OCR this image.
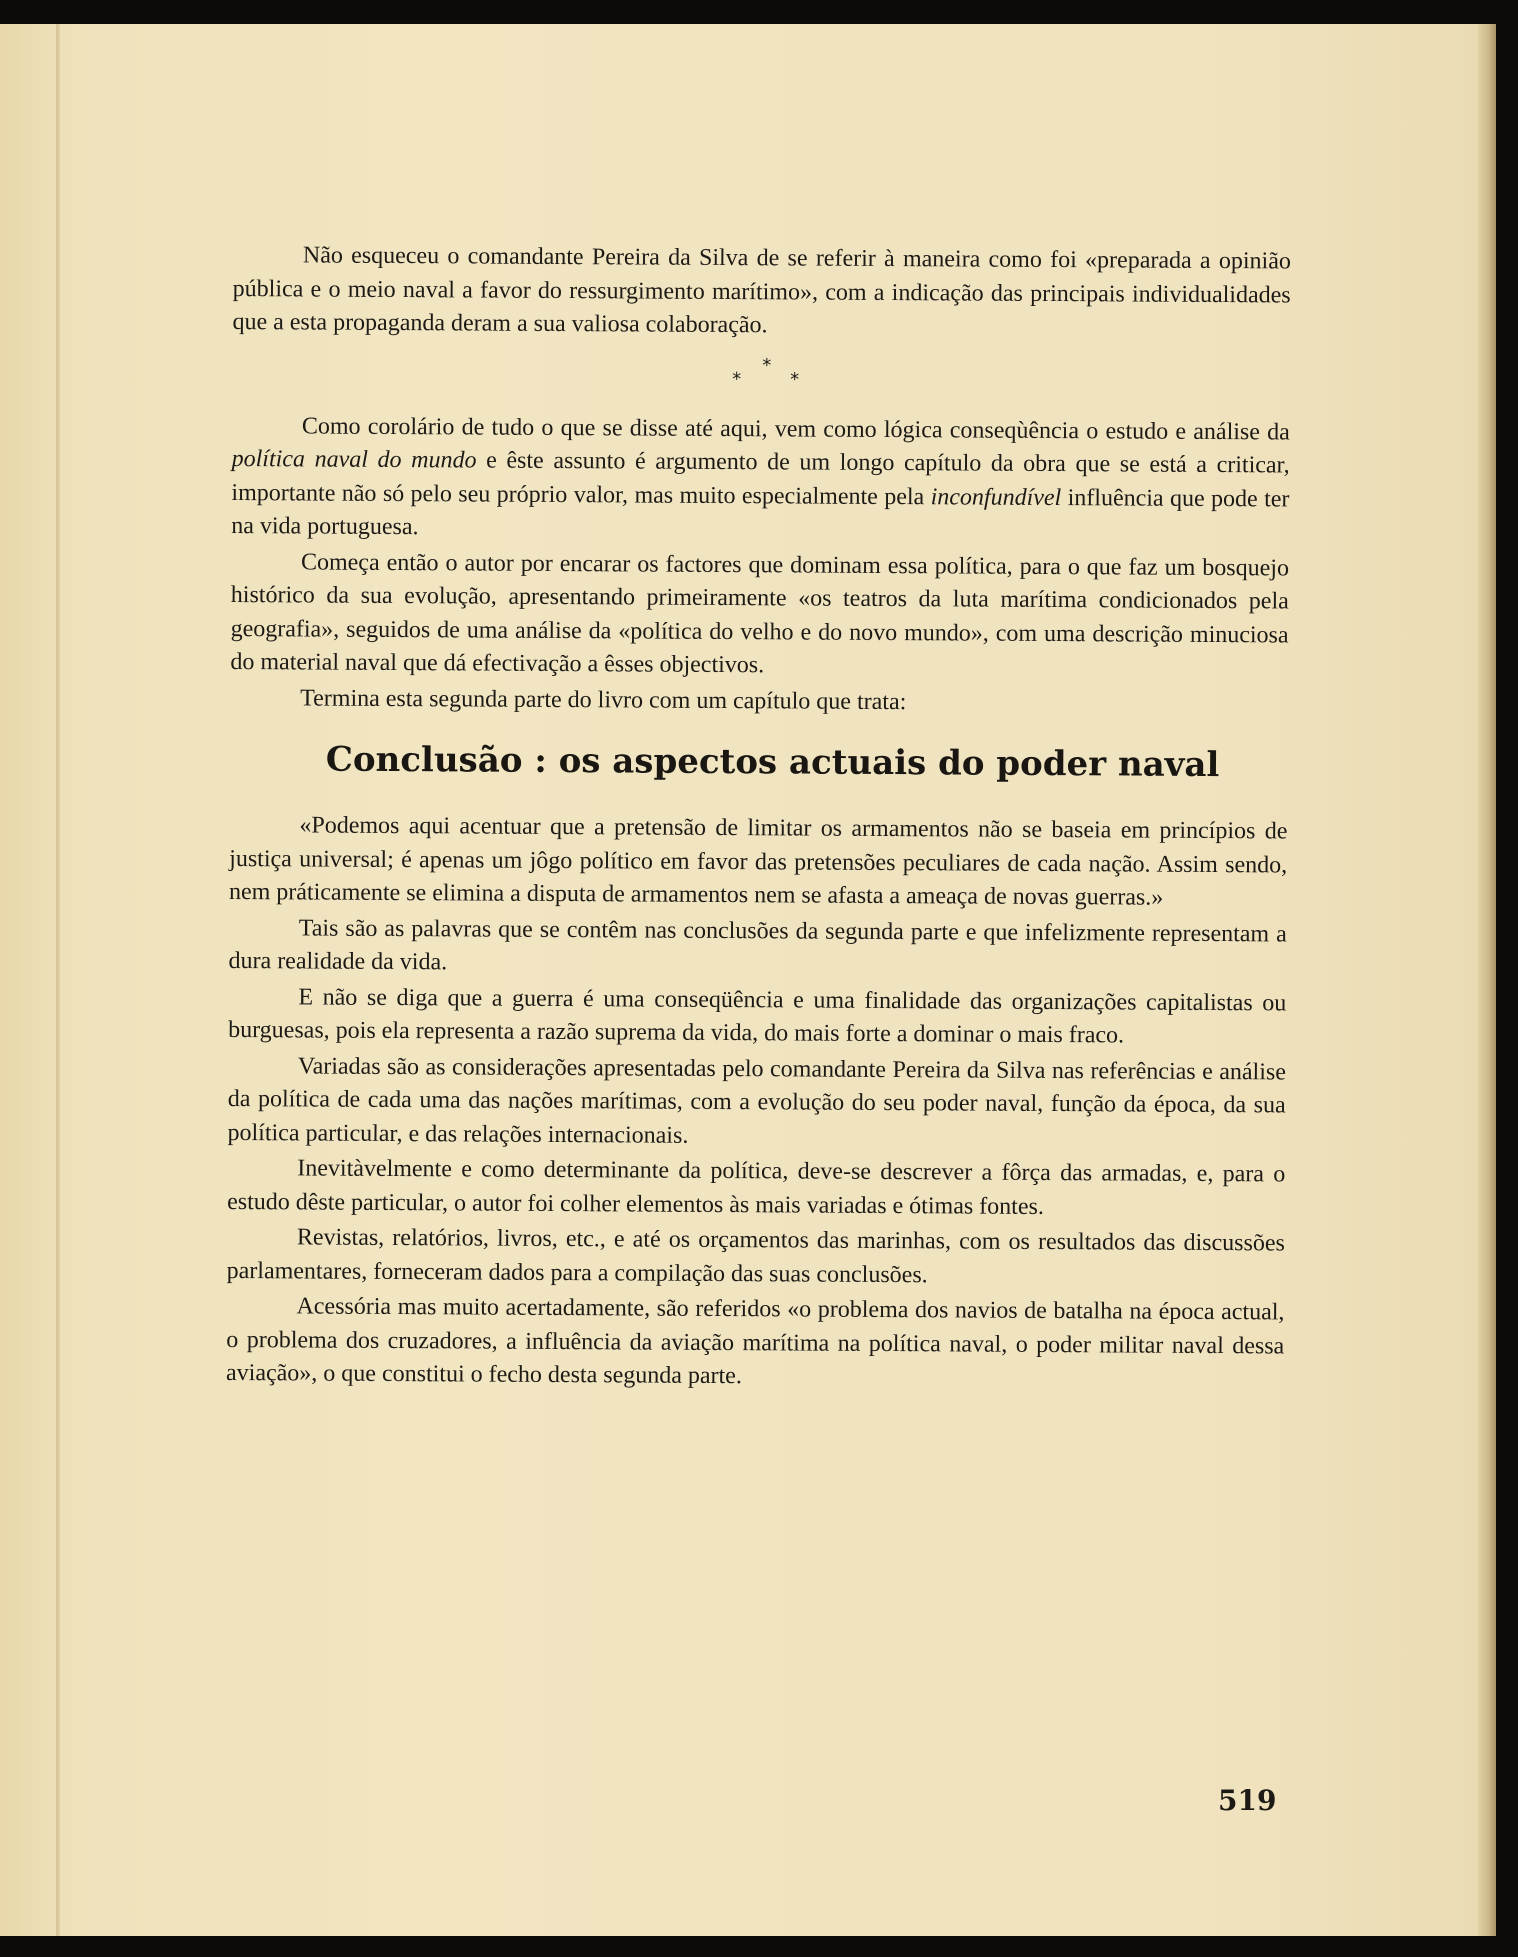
Não esqueceu o comandante Pereira da Silva de se referir à maneira como foi «preparada a opinião pública e o meio naval a favor do ressurgimento marítimo», com a indicação das principais individualidades que a esta propaganda deram a sua valiosa colaboração.

*
*	*

Como corolário de tudo o que se disse até aqui, vem como lógica conseqùência o estudo e análise da política naval do mundo e êste assunto é argumento de um longo capítulo da obra que se está a criticar, importante não só pelo seu próprio valor, mas muito especialmente pela inconfundível influência que pode ter na vida portuguesa.

Começa então o autor por encarar os factores que dominam essa política, para o que faz um bosquejo histórico da sua evolução, apresentando primeiramente «os teatros da luta marítima condicionados pela geografia», seguidos de uma análise da «política do velho e do novo mundo», com uma descrição minuciosa do material naval que dá efectivação a êsses objectivos.

Termina esta segunda parte do livro com um capítulo que trata:

Conclusão : os aspectos actuais do poder naval

«Podemos aqui acentuar que a pretensão de limitar os armamentos não se baseia em princípios de justiça universal; é apenas um jôgo político em favor das pretensões peculiares de cada nação. Assim sendo, nem práticamente se elimina a disputa de armamentos nem se afasta a ameaça de novas guerras.»

Tais são as palavras que se contêm nas conclusões da segunda parte e que infelizmente representam a dura realidade da vida.

E não se diga que a guerra é uma conseqüência e uma finalidade das organizações capitalistas ou burguesas, pois ela representa a razão suprema da vida, do mais forte a dominar o mais fraco.

Variadas são as considerações apresentadas pelo comandante Pereira da Silva nas referências e análise da política de cada uma das nações marítimas, com a evolução do seu poder naval, função da época, da sua política particular, e das relações internacionais.

Inevitàvelmente e como determinante da política, deve-se descrever a fôrça das armadas, e, para o estudo dêste particular, o autor foi colher elementos às mais variadas e ótimas fontes.

Revistas, relatórios, livros, etc., e até os orçamentos das marinhas, com os resultados das discussões parlamentares, forneceram dados para a compilação das suas conclusões.

Acessória mas muito acertadamente, são referidos «o problema dos navios de batalha na época actual, o problema dos cruzadores, a influência da aviação marítima na política naval, o poder militar naval dessa aviação», o que constitui o fecho desta segunda parte.

519
